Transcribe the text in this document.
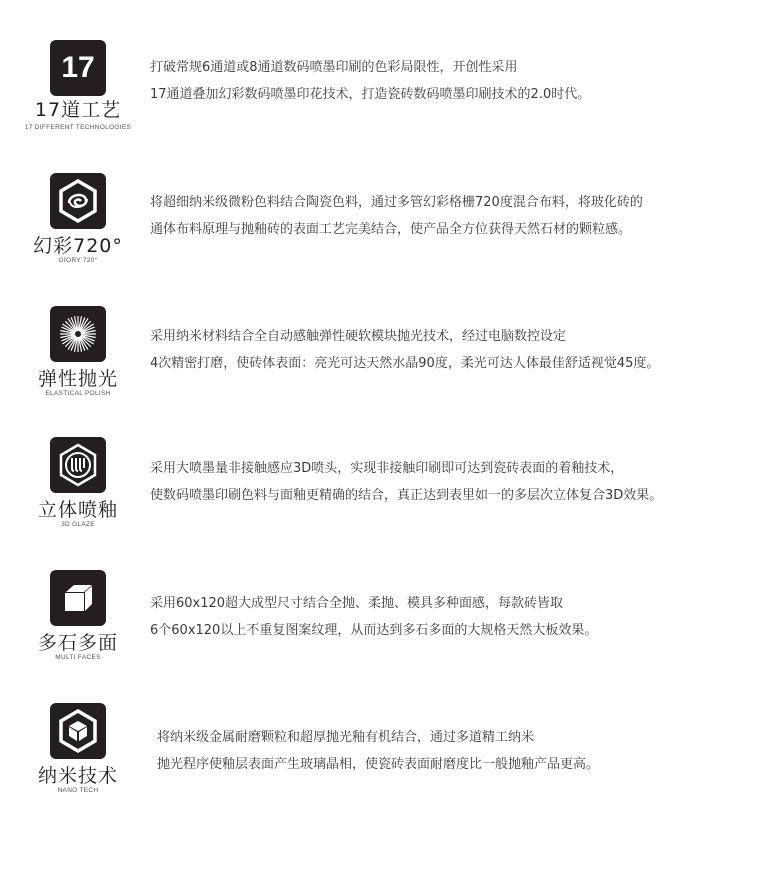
17
17道工艺
17 DIFFERENT TECHNOLOGIES
打破常规6通道或8通道数码喷墨印刷的色彩局限性，开创性采用
17通道叠加幻彩数码喷墨印花技术，打造瓷砖数码喷墨印刷技术的2.0时代。
幻彩720°
GIORY 720°
将超细纳米级微粉色料结合陶瓷色料，通过多管幻彩格栅720度混合布料，将玻化砖的
通体布料原理与抛釉砖的表面工艺完美结合，使产品全方位获得天然石材的颗粒感。
弹性抛光
ELASTICAL POLISH
采用纳米材料结合全自动感触弹性硬软模块抛光技术，经过电脑数控设定
4次精密打磨，使砖体表面：亮光可达天然水晶90度，柔光可达人体最佳舒适视觉45度。
立体喷釉
3D GLAZE
采用大喷墨量非接触感应3D喷头，实现非接触印刷即可达到瓷砖表面的着釉技术，
使数码喷墨印刷色料与面釉更精确的结合，真正达到表里如一的多层次立体复合3D效果。
多石多面
MULTI FACES
采用60x120超大成型尺寸结合全抛、柔抛、模具多种面感，每款砖皆取
6个60x120以上不重复图案纹理，从而达到多石多面的大规格天然大板效果。
纳米技术
NANO TECH
将纳米级金属耐磨颗粒和超厚抛光釉有机结合，通过多道精工纳米
抛光程序使釉层表面产生玻璃晶相，使瓷砖表面耐磨度比一般抛釉产品更高。
